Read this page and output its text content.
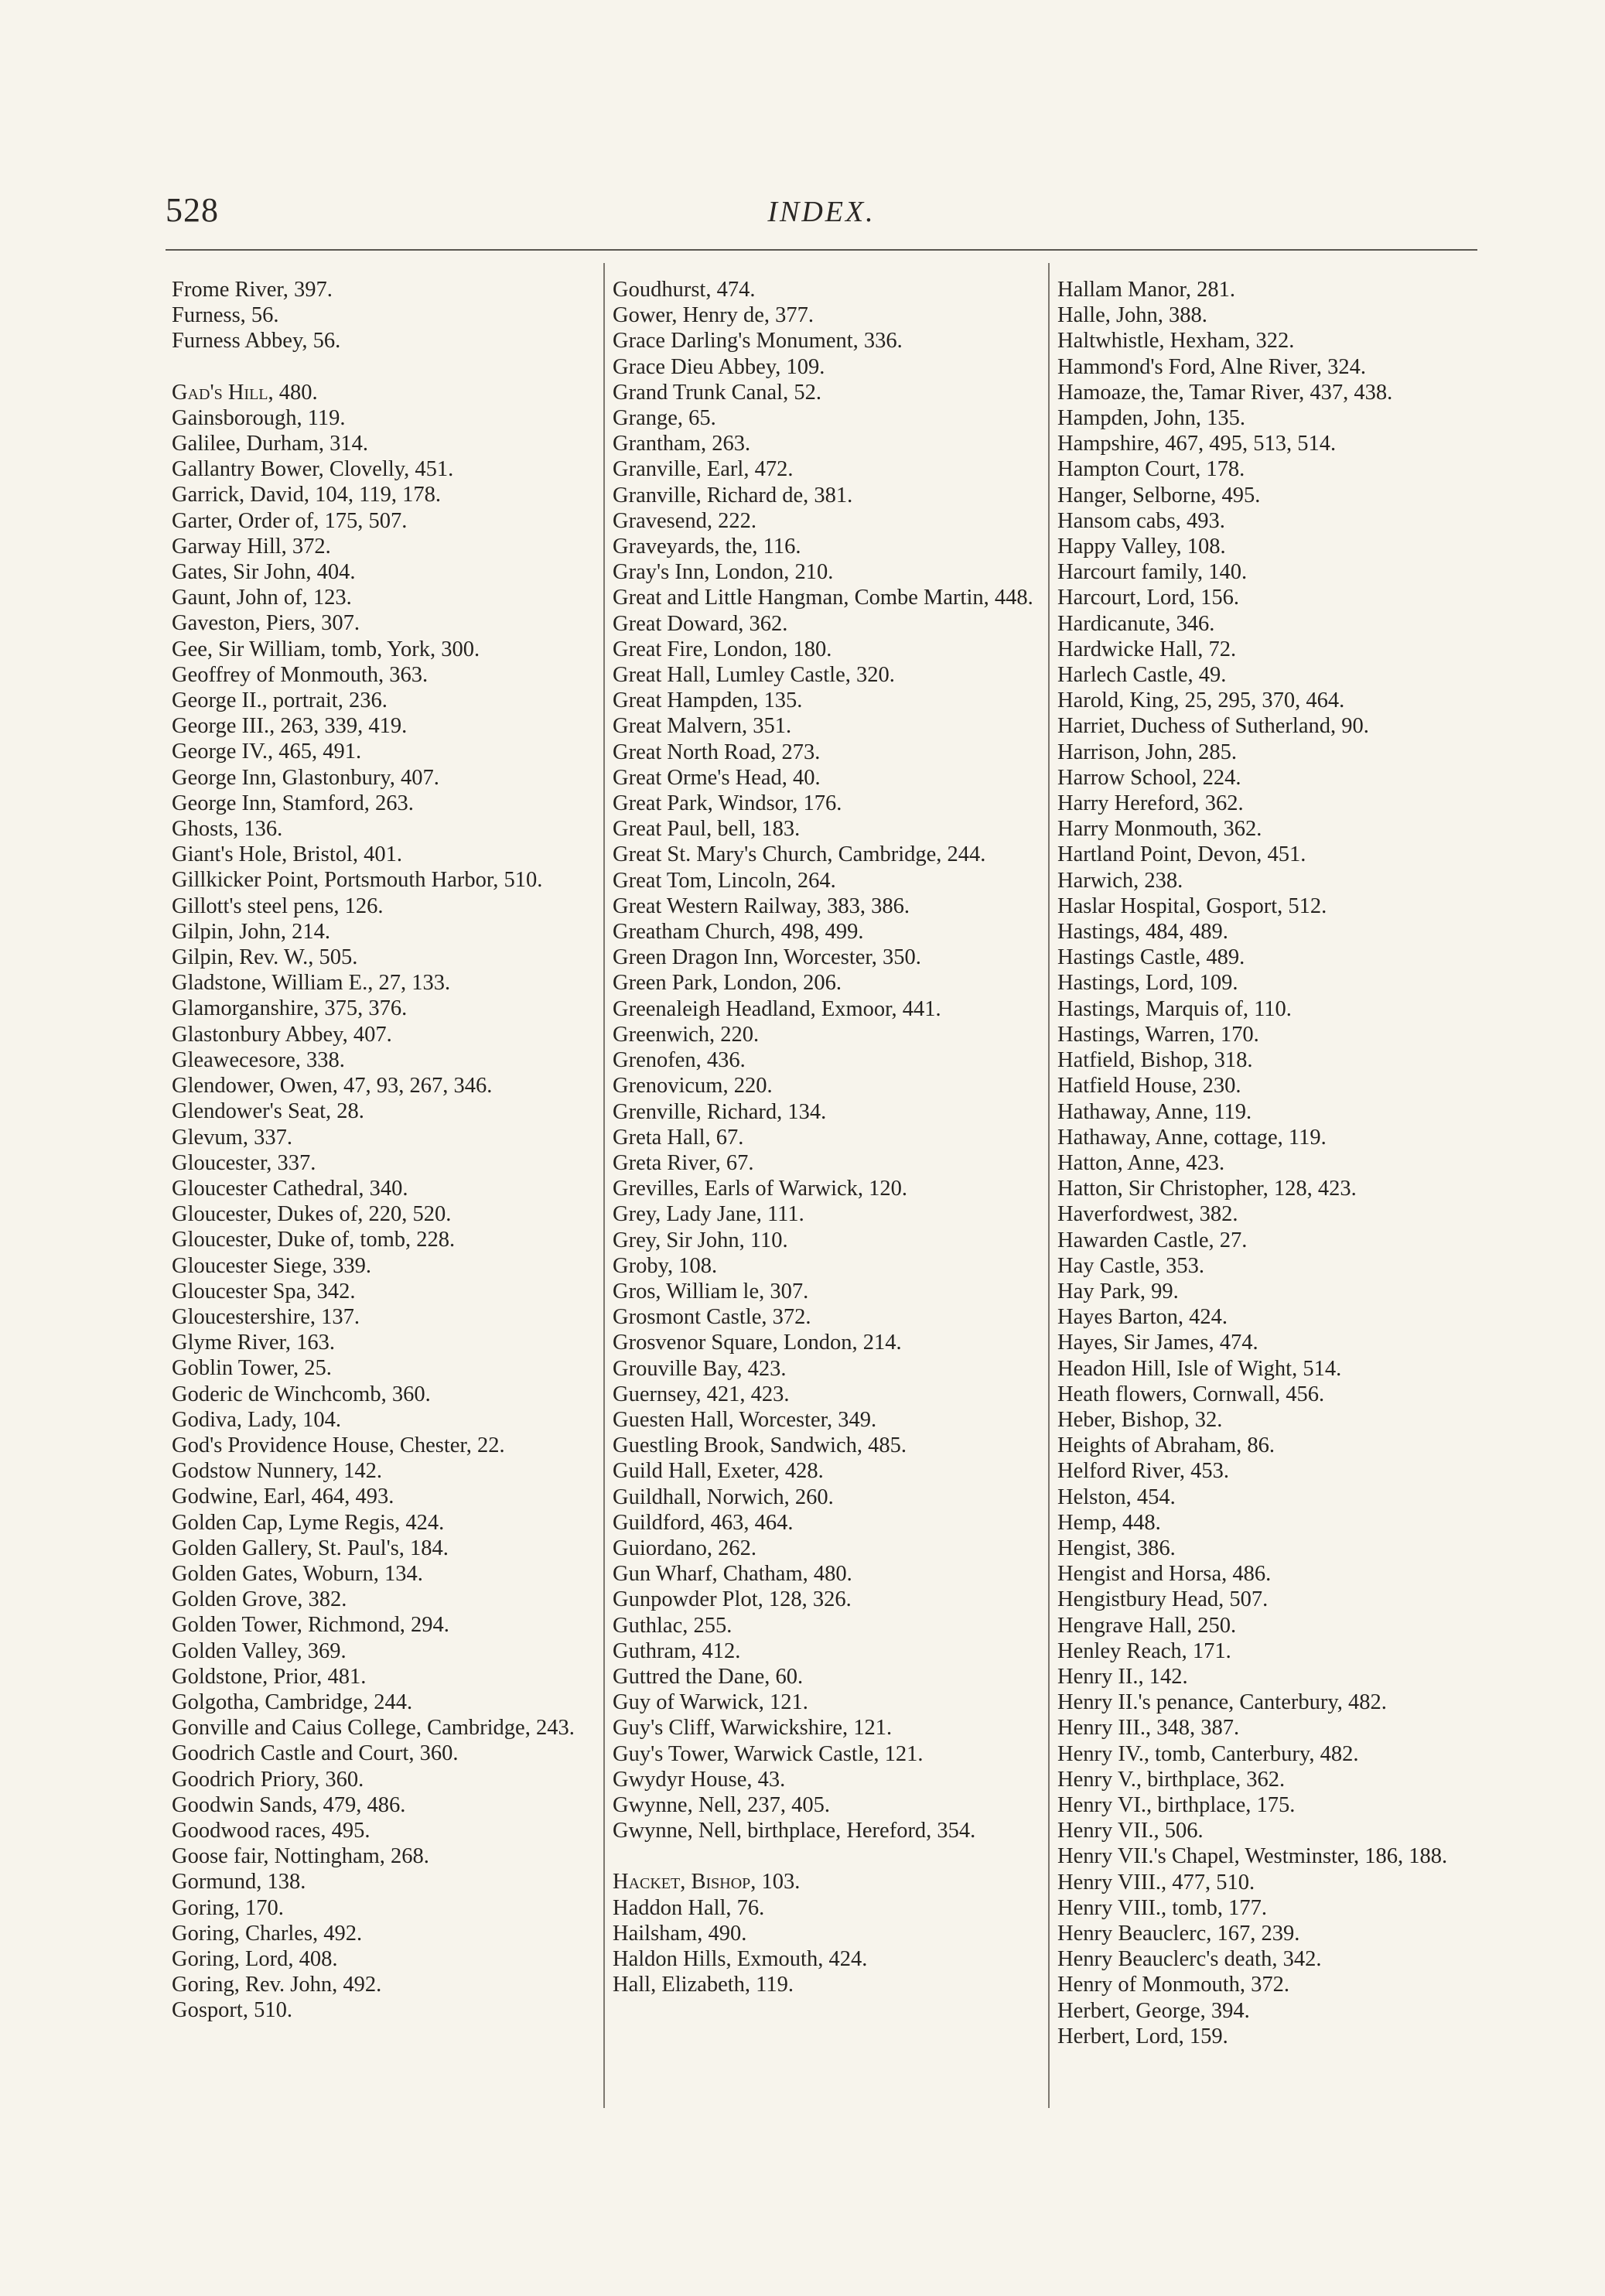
528	INDEX.
Frome River, 397.
Furness, 56.
Furness Abbey, 56.
Gad's Hill, 480.
Gainsborough, 119.
Galilee, Durham, 314.
Gallantry Bower, Clovelly, 451.
Garrick, David, 104, 119, 178.
Garter, Order of, 175, 507.
Garway Hill, 372.
Gates, Sir John, 404.
Gaunt, John of, 123.
Gaveston, Piers, 307.
Gee, Sir William, tomb, York, 300.
Geoffrey of Monmouth, 363.
George II., portrait, 236.
George III., 263, 339, 419.
George IV., 465, 491.
George Inn, Glastonbury, 407.
George Inn, Stamford, 263.
Ghosts, 136.
Giant's Hole, Bristol, 401.
Gillkicker Point, Portsmouth Harbor, 510.
Gillott's steel pens, 126.
Gilpin, John, 214.
Gilpin, Rev. W., 505.
Gladstone, William E., 27, 133.
Glamorganshire, 375, 376.
Glastonbury Abbey, 407.
Gleawecesore, 338.
Glendower, Owen, 47, 93, 267, 346.
Glendower's Seat, 28.
Glevum, 337.
Gloucester, 337.
Gloucester Cathedral, 340.
Gloucester, Dukes of, 220, 520.
Gloucester, Duke of, tomb, 228.
Gloucester Siege, 339.
Gloucester Spa, 342.
Gloucestershire, 137.
Glyme River, 163.
Goblin Tower, 25.
Goderic de Winchcomb, 360.
Godiva, Lady, 104.
God's Providence House, Chester, 22.
Godstow Nunnery, 142.
Godwine, Earl, 464, 493.
Golden Cap, Lyme Regis, 424.
Golden Gallery, St. Paul's, 184.
Golden Gates, Woburn, 134.
Golden Grove, 382.
Golden Tower, Richmond, 294.
Golden Valley, 369.
Goldstone, Prior, 481.
Golgotha, Cambridge, 244.
Gonville and Caius College, Cambridge, 243.
Goodrich Castle and Court, 360.
Goodrich Priory, 360.
Goodwin Sands, 479, 486.
Goodwood races, 495.
Goose fair, Nottingham, 268.
Gormund, 138.
Goring, 170.
Goring, Charles, 492.
Goring, Lord, 408.
Goring, Rev. John, 492.
Gosport, 510.
Goudhurst, 474.
Gower, Henry de, 377.
Grace Darling's Monument, 336.
Grace Dieu Abbey, 109.
Grand Trunk Canal, 52.
Grange, 65.
Grantham, 263.
Granville, Earl, 472.
Granville, Richard de, 381.
Gravesend, 222.
Graveyards, the, 116.
Gray's Inn, London, 210.
Great and Little Hangman, Combe Martin, 448.
Great Doward, 362.
Great Fire, London, 180.
Great Hall, Lumley Castle, 320.
Great Hampden, 135.
Great Malvern, 351.
Great North Road, 273.
Great Orme's Head, 40.
Great Park, Windsor, 176.
Great Paul, bell, 183.
Great St. Mary's Church, Cambridge, 244.
Great Tom, Lincoln, 264.
Great Western Railway, 383, 386.
Greatham Church, 498, 499.
Green Dragon Inn, Worcester, 350.
Green Park, London, 206.
Greenaleigh Headland, Exmoor, 441.
Greenwich, 220.
Grenofen, 436.
Grenovicum, 220.
Grenville, Richard, 134.
Greta Hall, 67.
Greta River, 67.
Grevilles, Earls of Warwick, 120.
Grey, Lady Jane, 111.
Grey, Sir John, 110.
Groby, 108.
Gros, William le, 307.
Grosmont Castle, 372.
Grosvenor Square, London, 214.
Grouville Bay, 423.
Guernsey, 421, 423.
Guesten Hall, Worcester, 349.
Guestling Brook, Sandwich, 485.
Guild Hall, Exeter, 428.
Guildhall, Norwich, 260.
Guildford, 463, 464.
Guiordano, 262.
Gun Wharf, Chatham, 480.
Gunpowder Plot, 128, 326.
Guthlac, 255.
Guthram, 412.
Guttred the Dane, 60.
Guy of Warwick, 121.
Guy's Cliff, Warwickshire, 121.
Guy's Tower, Warwick Castle, 121.
Gwydyr House, 43.
Gwynne, Nell, 237, 405.
Gwynne, Nell, birthplace, Hereford, 354.
Hacket, Bishop, 103.
Haddon Hall, 76.
Hailsham, 490.
Haldon Hills, Exmouth, 424.
Hall, Elizabeth, 119.
Hallam Manor, 281.
Halle, John, 388.
Haltwhistle, Hexham, 322.
Hammond's Ford, Alne River, 324.
Hamoaze, the, Tamar River, 437, 438.
Hampden, John, 135.
Hampshire, 467, 495, 513, 514.
Hampton Court, 178.
Hanger, Selborne, 495.
Hansom cabs, 493.
Happy Valley, 108.
Harcourt family, 140.
Harcourt, Lord, 156.
Hardicanute, 346.
Hardwicke Hall, 72.
Harlech Castle, 49.
Harold, King, 25, 295, 370, 464.
Harriet, Duchess of Sutherland, 90.
Harrison, John, 285.
Harrow School, 224.
Harry Hereford, 362.
Harry Monmouth, 362.
Hartland Point, Devon, 451.
Harwich, 238.
Haslar Hospital, Gosport, 512.
Hastings, 484, 489.
Hastings Castle, 489.
Hastings, Lord, 109.
Hastings, Marquis of, 110.
Hastings, Warren, 170.
Hatfield, Bishop, 318.
Hatfield House, 230.
Hathaway, Anne, 119.
Hathaway, Anne, cottage, 119.
Hatton, Anne, 423.
Hatton, Sir Christopher, 128, 423.
Haverfordwest, 382.
Hawarden Castle, 27.
Hay Castle, 353.
Hay Park, 99.
Hayes Barton, 424.
Hayes, Sir James, 474.
Headon Hill, Isle of Wight, 514.
Heath flowers, Cornwall, 456.
Heber, Bishop, 32.
Heights of Abraham, 86.
Helford River, 453.
Helston, 454.
Hemp, 448.
Hengist, 386.
Hengist and Horsa, 486.
Hengistbury Head, 507.
Hengrave Hall, 250.
Henley Reach, 171.
Henry II., 142.
Henry II.'s penance, Canterbury, 482.
Henry III., 348, 387.
Henry IV., tomb, Canterbury, 482.
Henry V., birthplace, 362.
Henry VI., birthplace, 175.
Henry VII., 506.
Henry VII.'s Chapel, Westminster, 186, 188.
Henry VIII., 477, 510.
Henry VIII., tomb, 177.
Henry Beauclerc, 167, 239.
Henry Beauclerc's death, 342.
Henry of Monmouth, 372.
Herbert, George, 394.
Herbert, Lord, 159.
